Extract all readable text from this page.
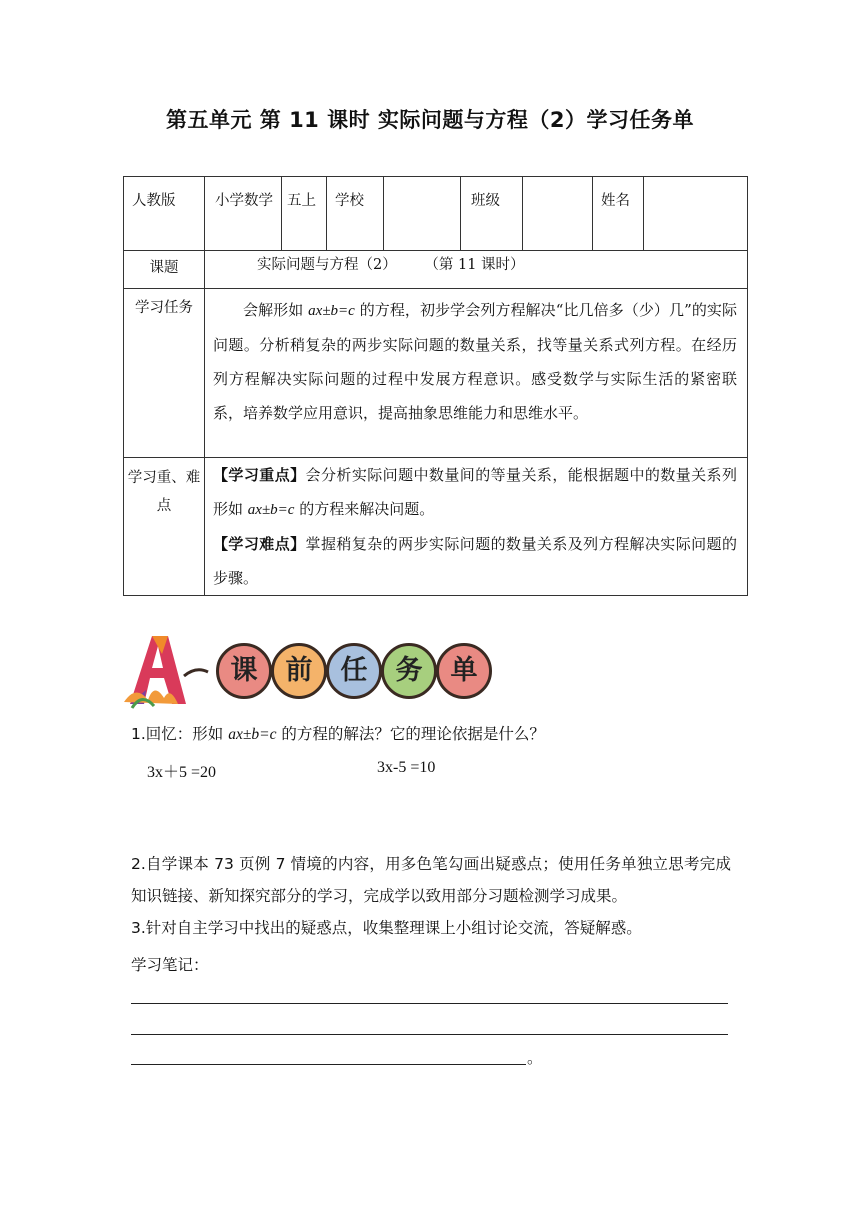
第五单元 第 11 课时 实际问题与方程（2）学习任务单
人教版	小学数学	五上	学校		班级		姓名	

课题	实际问题与方程（2）      （第 11 课时）							

学习任务	会解形如 ax±b=c 的方程，初步学会列方程解决“比几倍多（少）几”的实际问题。分析稍复杂的两步实际问题的数量关系，找等量关系式列方程。在经历列方程解决实际问题的过程中发展方程意识。感受数学与实际生活的紧密联系，培养数学应用意识，提高抽象思维能力和思维水平。							

学习重、难点	【学习重点】会分析实际问题中数量间的等量关系，能根据题中的数量关系列形如 ax±b=c 的方程来解决问题。
【学习难点】掌握稍复杂的两步实际问题的数量关系及列方程解决实际问题的步骤。							
课	前	任	务	单
1.回忆：形如 ax±b=c 的方程的解法？它的理论依据是什么？
3x＋5 =20	3x-5 =10
2.自学课本 73 页例 7 情境的内容，用多色笔勾画出疑惑点；使用任务单独立思考完成知识链接、新知探究部分的学习，完成学以致用部分习题检测学习成果。
3.针对自主学习中找出的疑惑点，收集整理课上小组讨论交流，答疑解惑。
学习笔记：
。
